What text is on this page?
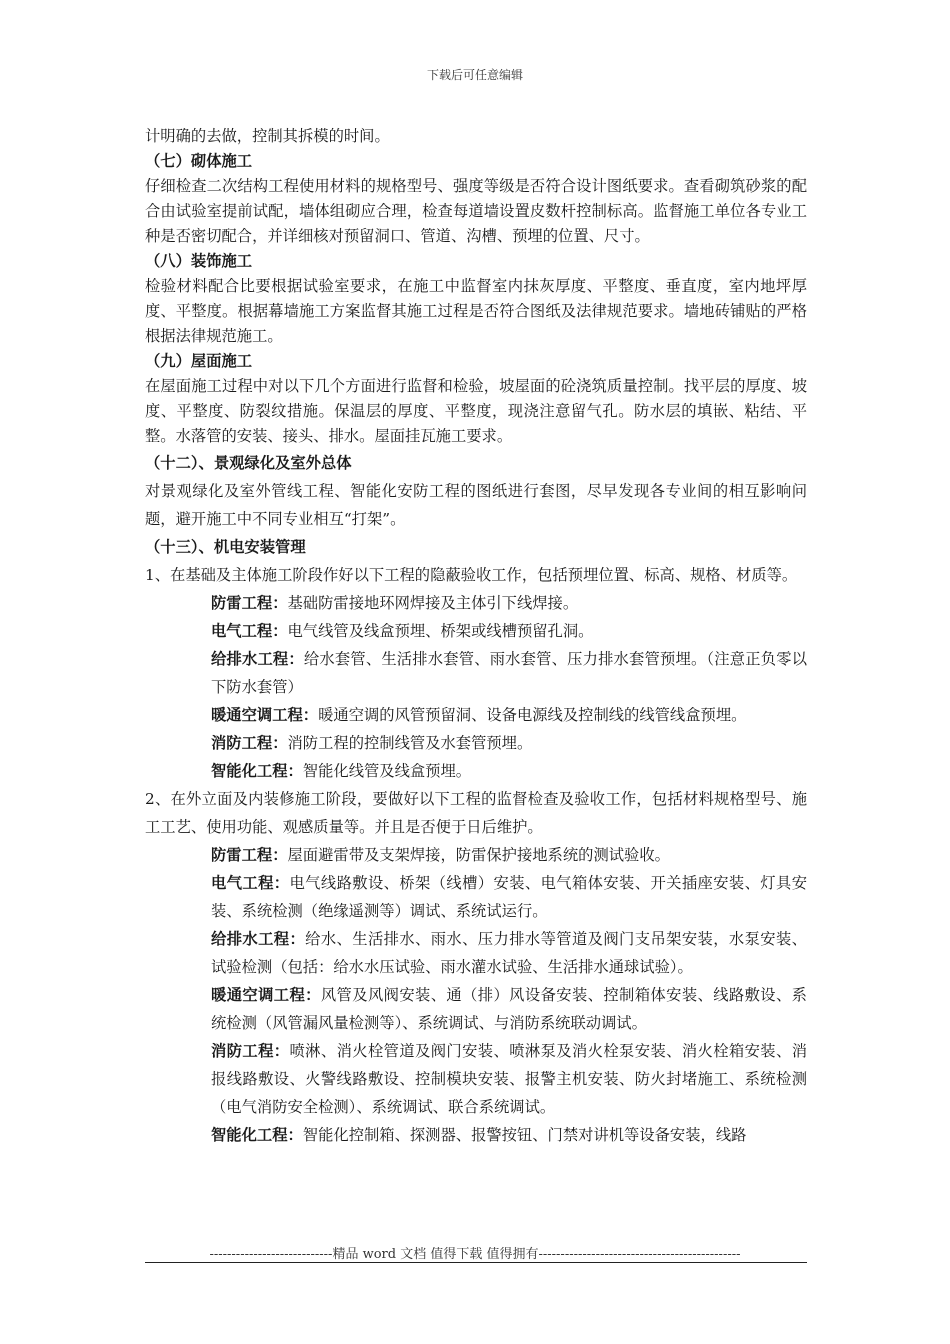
下载后可任意编辑

计明确的去做，控制其拆模的时间。

（七）砌体施工

仔细检查二次结构工程使用材料的规格型号、强度等级是否符合设计图纸要求。查看砌筑砂浆的配合由试验室提前试配，墙体组砌应合理，检查每道墙设置皮数杆控制标高。监督施工单位各专业工种是否密切配合，并详细核对预留洞口、管道、沟槽、预埋的位置、尺寸。

（八）装饰施工

检验材料配合比要根据试验室要求，在施工中监督室内抹灰厚度、平整度、垂直度，室内地坪厚度、平整度。根据幕墙施工方案监督其施工过程是否符合图纸及法律规范要求。墙地砖铺贴的严格根据法律规范施工。

（九）屋面施工

在屋面施工过程中对以下几个方面进行监督和检验，坡屋面的砼浇筑质量控制。找平层的厚度、坡度、平整度、防裂纹措施。保温层的厚度、平整度，现浇注意留气孔。防水层的填嵌、粘结、平整。水落管的安装、接头、排水。屋面挂瓦施工要求。

（十二）、景观绿化及室外总体

对景观绿化及室外管线工程、智能化安防工程的图纸进行套图，尽早发现各专业间的相互影响问题，避开施工中不同专业相互“打架”。

（十三）、机电安装管理

1、在基础及主体施工阶段作好以下工程的隐蔽验收工作，包括预埋位置、标高、规格、材质等。

防雷工程：基础防雷接地环网焊接及主体引下线焊接。

电气工程：电气线管及线盒预埋、桥架或线槽预留孔洞。

给排水工程：给水套管、生活排水套管、雨水套管、压力排水套管预埋。（注意正负零以下防水套管）

暖通空调工程：暖通空调的风管预留洞、设备电源线及控制线的线管线盒预埋。

消防工程：消防工程的控制线管及水套管预埋。

智能化工程：智能化线管及线盒预埋。

2、在外立面及内装修施工阶段，要做好以下工程的监督检查及验收工作，包括材料规格型号、施工工艺、使用功能、观感质量等。并且是否便于日后维护。

防雷工程：屋面避雷带及支架焊接，防雷保护接地系统的测试验收。

电气工程：电气线路敷设、桥架（线槽）安装、电气箱体安装、开关插座安装、灯具安装、系统检测（绝缘遥测等）调试、系统试运行。

给排水工程：给水、生活排水、雨水、压力排水等管道及阀门支吊架安装，水泵安装、试验检测（包括：给水水压试验、雨水灌水试验、生活排水通球试验）。

暖通空调工程：风管及风阀安装、通（排）风设备安装、控制箱体安装、线路敷设、系统检测（风管漏风量检测等）、系统调试、与消防系统联动调试。

消防工程：喷淋、消火栓管道及阀门安装、喷淋泵及消火栓泵安装、消火栓箱安装、消报线路敷设、火警线路敷设、控制模块安装、报警主机安装、防火封堵施工、系统检测（电气消防安全检测）、系统调试、联合系统调试。

智能化工程：智能化控制箱、探测器、报警按钮、门禁对讲机等设备安装，线路

----------------------------精品 word 文档 值得下载 值得拥有----------------------------------------------
